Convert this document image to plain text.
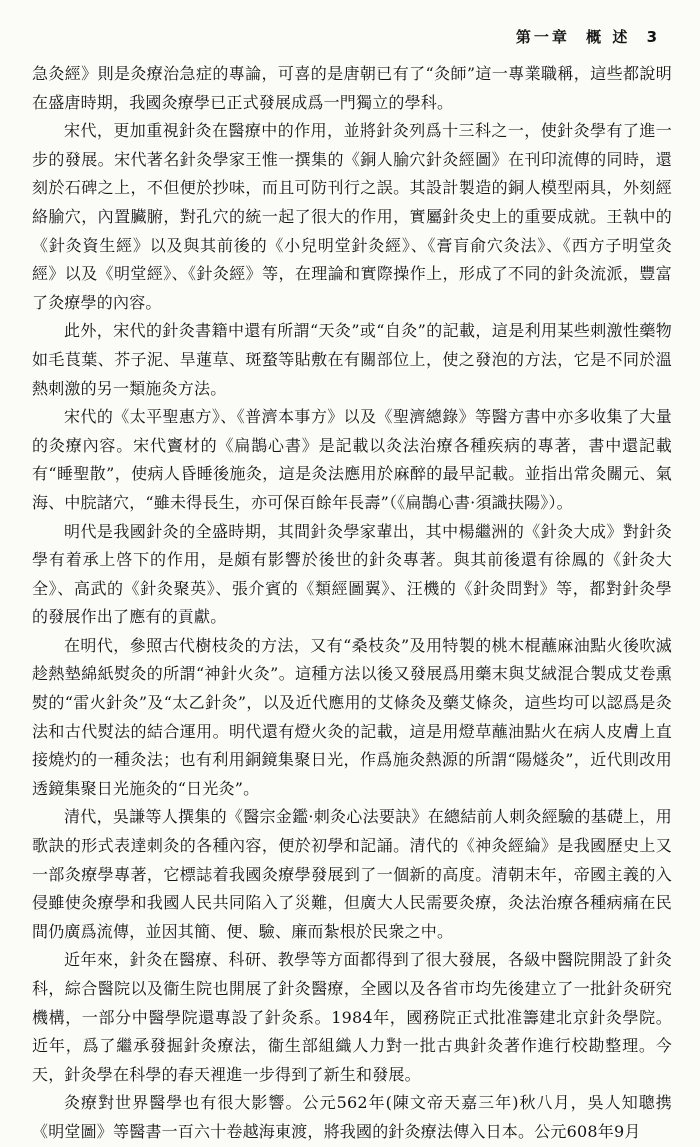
第一章 概 述 3

急灸經》則是灸療治急症的專論，可喜的是唐朝已有了“灸師”這一專業職稱，這些都說明在盛唐時期，我國灸療學已正式發展成爲一門獨立的學科。

宋代，更加重視針灸在醫療中的作用，並將針灸列爲十三科之一，使針灸學有了進一步的發展。宋代著名針灸學家王惟一撰集的《銅人腧穴針灸經圖》在刊印流傳的同時，還刻於石碑之上，不但便於抄味，而且可防刊行之誤。其設計製造的銅人模型兩具，外刻經絡腧穴，內置臟腑，對孔穴的統一起了很大的作用，實屬針灸史上的重要成就。王執中的《針灸資生經》以及與其前後的《小兒明堂針灸經》、《膏肓俞穴灸法》、《西方子明堂灸經》以及《明堂經》、《針灸經》等，在理論和實際操作上，形成了不同的針灸流派，豐富了灸療學的內容。

此外，宋代的針灸書籍中還有所謂“天灸”或“自灸”的記載，這是利用某些刺激性藥物如毛茛葉、芥子泥、旱蓮草、斑蝥等貼敷在有關部位上，使之發泡的方法，它是不同於溫熱刺激的另一類施灸方法。

宋代的《太平聖惠方》、《普濟本事方》以及《聖濟總錄》等醫方書中亦多收集了大量的灸療內容。宋代竇材的《扁鵲心書》是記載以灸法治療各種疾病的專著，書中還記載有“睡聖散”，使病人昏睡後施灸，這是灸法應用於麻醉的最早記載。並指出常灸關元、氣海、中脘諸穴，“雖未得長生，亦可保百餘年長壽”（《扁鵲心書·須識扶陽》）。

明代是我國針灸的全盛時期，其間針灸學家輩出，其中楊繼洲的《針灸大成》對針灸學有着承上啓下的作用，是頗有影響於後世的針灸專著。與其前後還有徐鳳的《針灸大全》、高武的《針灸聚英》、張介賓的《類經圖翼》、汪機的《針灸問對》等，都對針灸學的發展作出了應有的貢獻。

在明代，參照古代樹枝灸的方法，又有“桑枝灸”及用特製的桃木棍蘸麻油點火後吹滅趁熱墊綿紙熨灸的所謂“神針火灸”。這種方法以後又發展爲用藥末與艾絨混合製成艾卷熏熨的“雷火針灸”及“太乙針灸”，以及近代應用的艾條灸及藥艾條灸，這些均可以認爲是灸法和古代熨法的結合運用。明代還有燈火灸的記載，這是用燈草蘸油點火在病人皮膚上直接燒灼的一種灸法；也有利用銅鏡集聚日光，作爲施灸熱源的所謂“陽燧灸”，近代則改用透鏡集聚日光施灸的“日光灸”。

清代，吳謙等人撰集的《醫宗金鑑·刺灸心法要訣》在總結前人刺灸經驗的基礎上，用歌訣的形式表達刺灸的各種內容，便於初學和記誦。清代的《神灸經綸》是我國歷史上又一部灸療學專著，它標誌着我國灸療學發展到了一個新的高度。清朝末年，帝國主義的入侵雖使灸療學和我國人民共同陷入了災難，但廣大人民需要灸療，灸法治療各種病痛在民間仍廣爲流傳，並因其簡、便、驗、廉而紮根於民衆之中。

近年來，針灸在醫療、科研、教學等方面都得到了很大發展，各級中醫院開設了針灸科，綜合醫院以及衞生院也開展了針灸醫療，全國以及各省市均先後建立了一批針灸研究機構，一部分中醫學院還專設了針灸系。1984年，國務院正式批准籌建北京針灸學院。近年，爲了繼承發掘針灸療法，衞生部組織人力對一批古典針灸著作進行校勘整理。今天，針灸學在科學的春天裡進一步得到了新生和發展。

灸療對世界醫學也有很大影響。公元562年(陳文帝天嘉三年)秋八月，吳人知聰携《明堂圖》等醫書一百六十卷越海東渡，將我國的針灸療法傳入日本。公元608年9月
